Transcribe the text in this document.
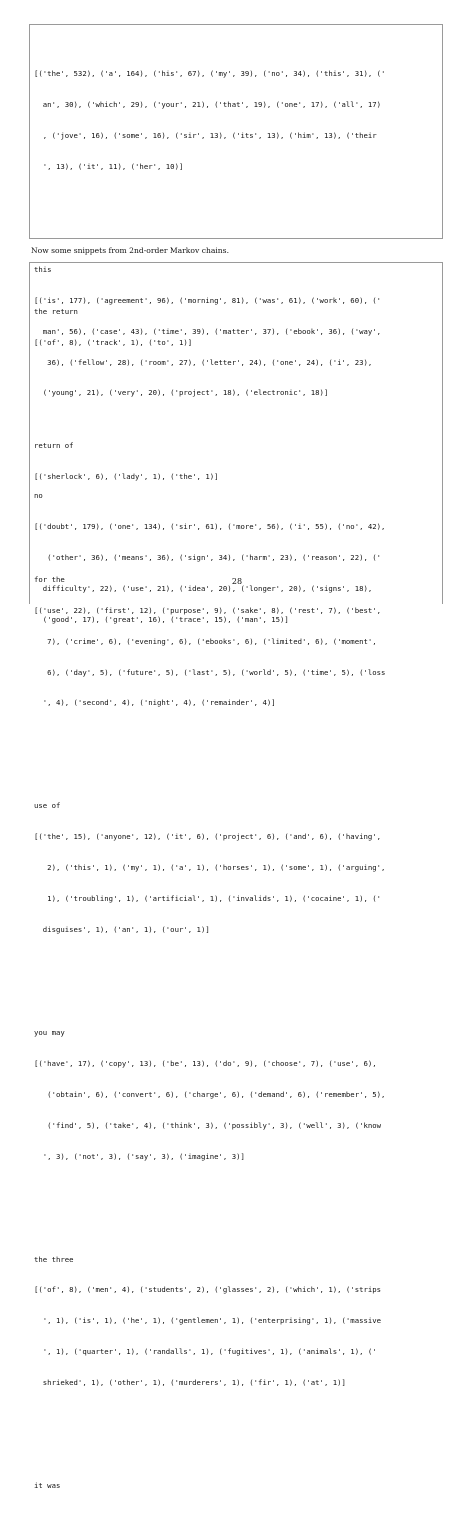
[('the', 532), ('a', 164), ('his', 67), ('my', 39), ('no', 34), ('this', 31), ('

an', 30), ('which', 29), ('your', 21), ('that', 19), ('one', 17), ('all', 17)

, ('jove', 16), ('some', 16), ('sir', 13), ('its', 13), ('him', 13), ('their

', 13), ('it', 11), ('her', 10)]

this

[('is', 177), ('agreement', 96), ('morning', 81), ('was', 61), ('work', 60), ('

man', 56), ('case', 43), ('time', 39), ('matter', 37), ('ebook', 36), ('way',

36), ('fellow', 28), ('room', 27), ('letter', 24), ('one', 24), ('i', 23),

('young', 21), ('very', 20), ('project', 18), ('electronic', 18)]

no

[('doubt', 179), ('one', 134), ('sir', 61), ('more', 56), ('i', 55), ('no', 42),

('other', 36), ('means', 36), ('sign', 34), ('harm', 23), ('reason', 22), ('

difficulty', 22), ('use', 21), ('idea', 20), ('longer', 20), ('signs', 18),

('good', 17), ('great', 16), ('trace', 15), ('man', 15)]

Now some snippets from 2nd-order Markov chains.

the return

[('of', 8), ('track', 1), ('to', 1)]

return of

[('sherlock', 6), ('lady', 1), ('the', 1)]

for the

[('use', 22), ('first', 12), ('purpose', 9), ('sake', 8), ('rest', 7), ('best',

7), ('crime', 6), ('evening', 6), ('ebooks', 6), ('limited', 6), ('moment',

6), ('day', 5), ('future', 5), ('last', 5), ('world', 5), ('time', 5), ('loss

', 4), ('second', 4), ('night', 4), ('remainder', 4)]

use of

[('the', 15), ('anyone', 12), ('it', 6), ('project', 6), ('and', 6), ('having',

2), ('this', 1), ('my', 1), ('a', 1), ('horses', 1), ('some', 1), ('arguing',

1), ('troubling', 1), ('artificial', 1), ('invalids', 1), ('cocaine', 1), ('

disguises', 1), ('an', 1), ('our', 1)]

you may

[('have', 17), ('copy', 13), ('be', 13), ('do', 9), ('choose', 7), ('use', 6),

('obtain', 6), ('convert', 6), ('charge', 6), ('demand', 6), ('remember', 5),

('find', 5), ('take', 4), ('think', 3), ('possibly', 3), ('well', 3), ('know

', 3), ('not', 3), ('say', 3), ('imagine', 3)]

the three

[('of', 8), ('men', 4), ('students', 2), ('glasses', 2), ('which', 1), ('strips

', 1), ('is', 1), ('he', 1), ('gentlemen', 1), ('enterprising', 1), ('massive

', 1), ('quarter', 1), ('randalls', 1), ('fugitives', 1), ('animals', 1), ('

shrieked', 1), ('other', 1), ('murderers', 1), ('fir', 1), ('at', 1)]

it was

28
